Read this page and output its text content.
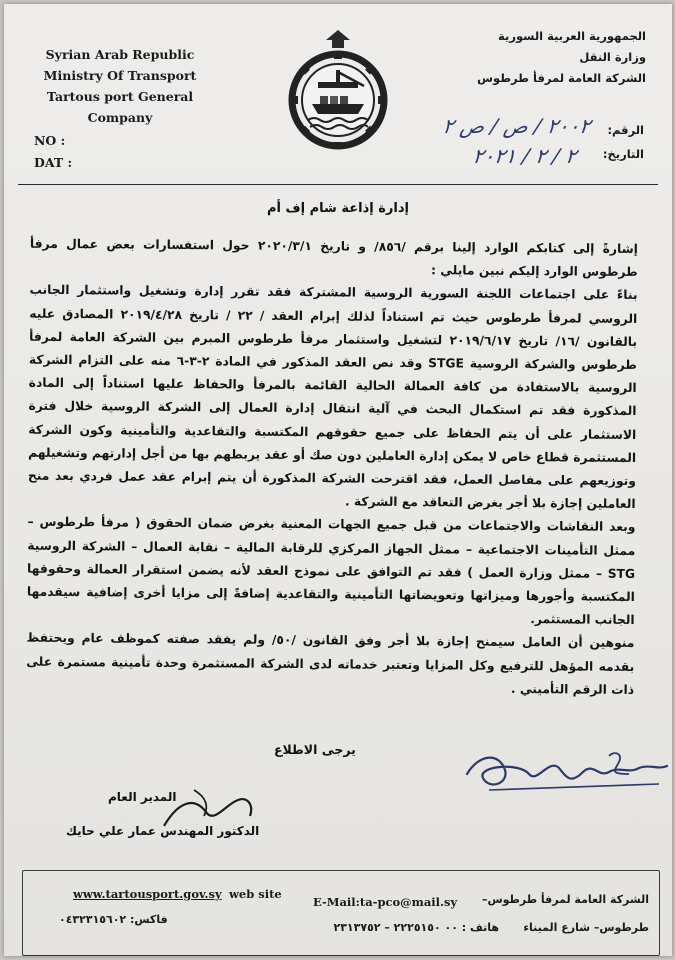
Syrian Arab Republic
Ministry Of Transport
Tartous port General
Company
NO :
DAT :
الجمهورية العربية السورية
وزارة النقل
الشركة العامة لمرفأ طرطوس
الرقم:
٢٠٠٢ / ص / ص ٢
التاريخ:
٢ / ٢ / ٢٠٢١
إدارة إذاعة شام إف أم

إشارةً إلى كتابكم الوارد إلينا برقم /٨٥٦/ و تاريخ ٢٠٢٠/٣/١ حول استفسارات بعض عمال مرفأ طرطوس الوارد إليكم نبين مايلي :

بناءً على اجتماعات اللجنة السورية الروسية المشتركة فقد تقرر إدارة وتشغيل واستثمار الجانب الروسي لمرفأ طرطوس حيث تم استناداً لذلك إبرام العقد / ٢٢ / تاريخ ٢٠١٩/٤/٢٨ المصادق عليه بالقانون /١٦/ تاريخ ٢٠١٩/٦/١٧ لتشغيل واستثمار مرفأ طرطوس المبرم بين الشركة العامة لمرفأ طرطوس والشركة الروسية STGE وقد نص العقد المذكور في المادة ٢-٣-٦ منه على التزام الشركة الروسية بالاستفادة من كافة العمالة الحالية القائمة بالمرفأ والحفاظ عليها استناداً إلى المادة المذكورة فقد تم استكمال البحث في آلية انتقال إدارة العمال إلى الشركة الروسية خلال فترة الاستثمار على أن يتم الحفاظ على جميع حقوقهم المكتسبة والتقاعدية والتأمينية وكون الشركة المستثمرة قطاع خاص لا يمكن إدارة العاملين دون صك أو عقد يربطهم بها من أجل إدارتهم وتشغيلهم وتوزيعهم على مفاصل العمل، فقد اقترحت الشركة المذكورة أن يتم إبرام عقد عمل فردي بعد منح العاملين إجازة بلا أجر بغرض التعاقد مع الشركة .

وبعد النقاشات والاجتماعات من قبل جميع الجهات المعنية بغرض ضمان الحقوق ( مرفأ طرطوس – ممثل التأمينات الاجتماعية – ممثل الجهاز المركزي للرقابة المالية – نقابة العمال – الشركة الروسية STG – ممثل وزارة العمل ) فقد تم التوافق على نموذج العقد لأنه يضمن استقرار العمالة وحقوقها المكتسبة وأجورها وميزاتها وتعويضاتها التأمينية والتقاعدية إضافةً إلى مزايا أخرى إضافية سيقدمها الجانب المستثمر.

منوهين أن العامل سيمنح إجازة بلا أجر وفق القانون /٥٠/ ولم يفقد صفته كموظف عام ويحتفظ بقدمه المؤهل للترفيع وكل المزايا وتعتبر خدماته لدى الشركة المستثمرة وحدة تأمينية مستمرة على ذات الرقم التأميني .

يرجى الاطلاع
المدير العام
الدكتور المهندس عمار علي حايك
www.tartousport.gov.sy web site
E-Mail:ta-pco@mail.sy الشركة العامة لمرفأ طرطوس–
طرطوس– شارع الميناء
هاتف : ٠٠ ٢٢٢٥١٥٠ – ٢٣١٣٧٥٢
فاكس: ٠٤٣٢٣١٥٦٠٢
